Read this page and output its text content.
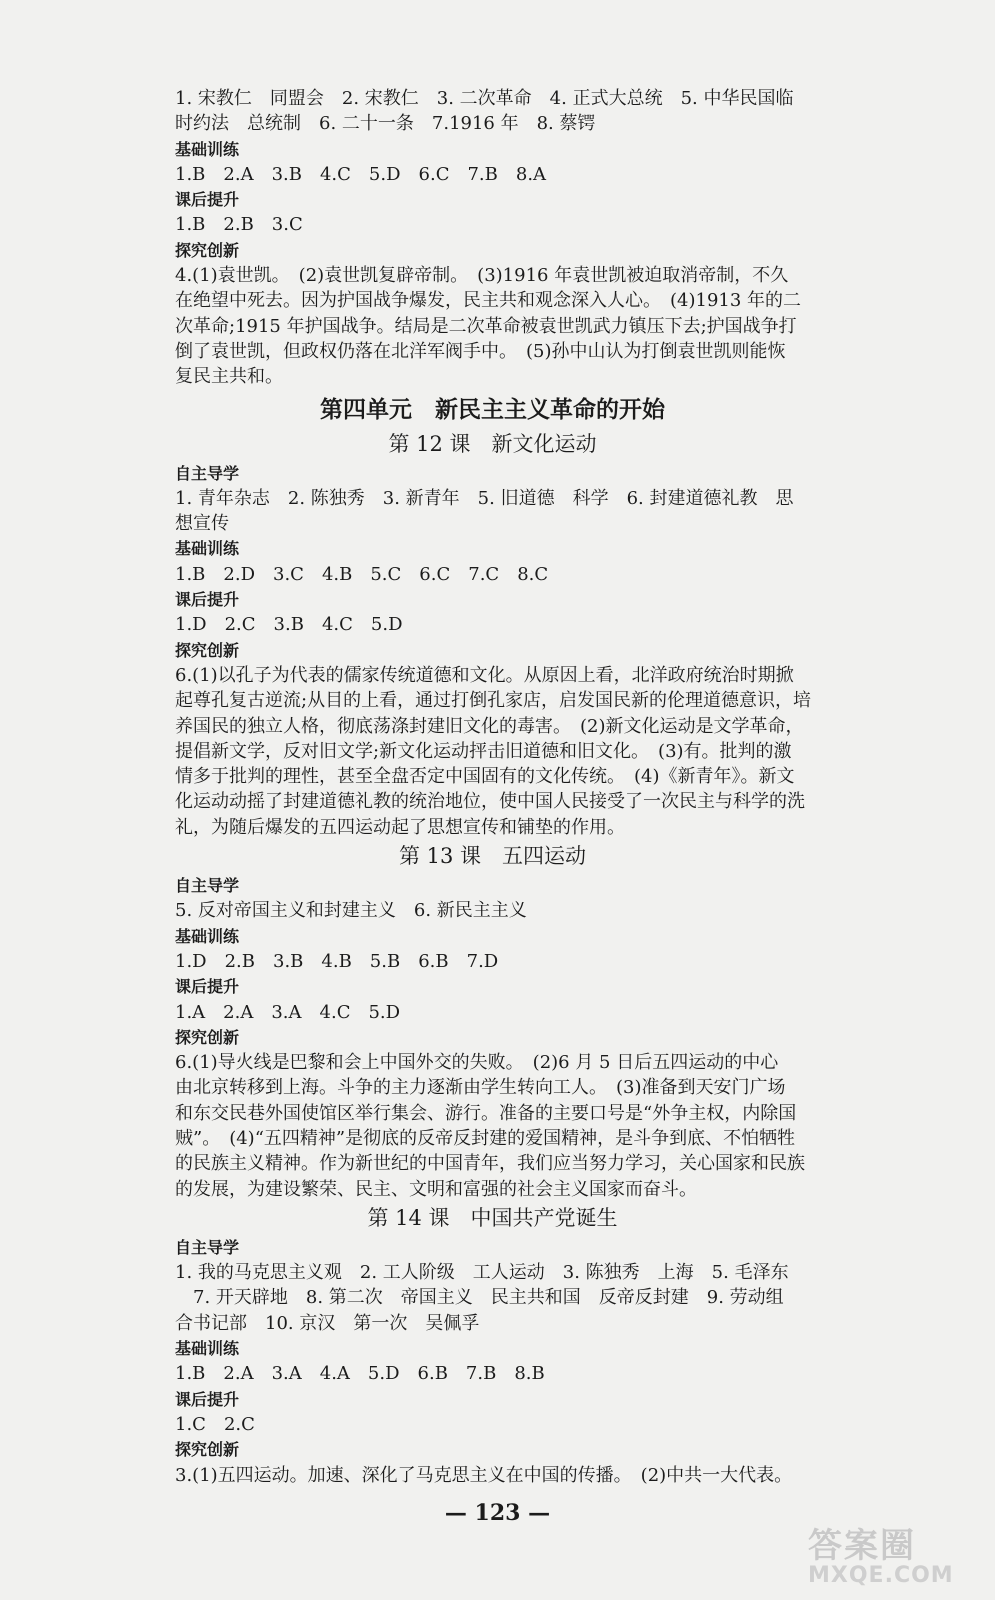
1. 宋教仁　同盟会　2. 宋教仁　3. 二次革命　4. 正式大总统　5. 中华民国临
时约法　总统制　6. 二十一条　7.1916 年　8. 蔡锷
基础训练
1.B　2.A　3.B　4.C　5.D　6.C　7.B　8.A
课后提升
1.B　2.B　3.C
探究创新
4.(1)袁世凯。　(2)袁世凯复辟帝制。　(3)1916 年袁世凯被迫取消帝制，不久
在绝望中死去。因为护国战争爆发，民主共和观念深入人心。　(4)1913 年的二
次革命;1915 年护国战争。结局是二次革命被袁世凯武力镇压下去;护国战争打
倒了袁世凯，但政权仍落在北洋军阀手中。　(5)孙中山认为打倒袁世凯则能恢
复民主共和。
第四单元　新民主主义革命的开始
第 12 课　新文化运动
自主导学
1. 青年杂志　2. 陈独秀　3. 新青年　5. 旧道德　科学　6. 封建道德礼教　思
想宣传
基础训练
1.B　2.D　3.C　4.B　5.C　6.C　7.C　8.C
课后提升
1.D　2.C　3.B　4.C　5.D
探究创新
6.(1)以孔子为代表的儒家传统道德和文化。从原因上看，北洋政府统治时期掀
起尊孔复古逆流;从目的上看，通过打倒孔家店，启发国民新的伦理道德意识，培
养国民的独立人格，彻底荡涤封建旧文化的毒害。　(2)新文化运动是文学革命，
提倡新文学，反对旧文学;新文化运动抨击旧道德和旧文化。　(3)有。批判的激
情多于批判的理性，甚至全盘否定中国固有的文化传统。　(4)《新青年》。新文
化运动动摇了封建道德礼教的统治地位，使中国人民接受了一次民主与科学的洗
礼，为随后爆发的五四运动起了思想宣传和铺垫的作用。
第 13 课　五四运动
自主导学
5. 反对帝国主义和封建主义　6. 新民主主义
基础训练
1.D　2.B　3.B　4.B　5.B　6.B　7.D
课后提升
1.A　2.A　3.A　4.C　5.D
探究创新
6.(1)导火线是巴黎和会上中国外交的失败。　(2)6 月 5 日后五四运动的中心
由北京转移到上海。斗争的主力逐渐由学生转向工人。　(3)准备到天安门广场
和东交民巷外国使馆区举行集会、游行。准备的主要口号是“外争主权，内除国
贼”。　(4)“五四精神”是彻底的反帝反封建的爱国精神，是斗争到底、不怕牺牲
的民族主义精神。作为新世纪的中国青年，我们应当努力学习，关心国家和民族
的发展，为建设繁荣、民主、文明和富强的社会主义国家而奋斗。
第 14 课　中国共产党诞生
自主导学
1. 我的马克思主义观　2. 工人阶级　工人运动　3. 陈独秀　上海　5. 毛泽东
　7. 开天辟地　8. 第二次　帝国主义　民主共和国　反帝反封建　9. 劳动组
合书记部　10. 京汉　第一次　吴佩孚
基础训练
1.B　2.A　3.A　4.A　5.D　6.B　7.B　8.B
课后提升
1.C　2.C
探究创新
3.(1)五四运动。加速、深化了马克思主义在中国的传播。　(2)中共一大代表。
— 123 —
答案圈
MXQE.COM
